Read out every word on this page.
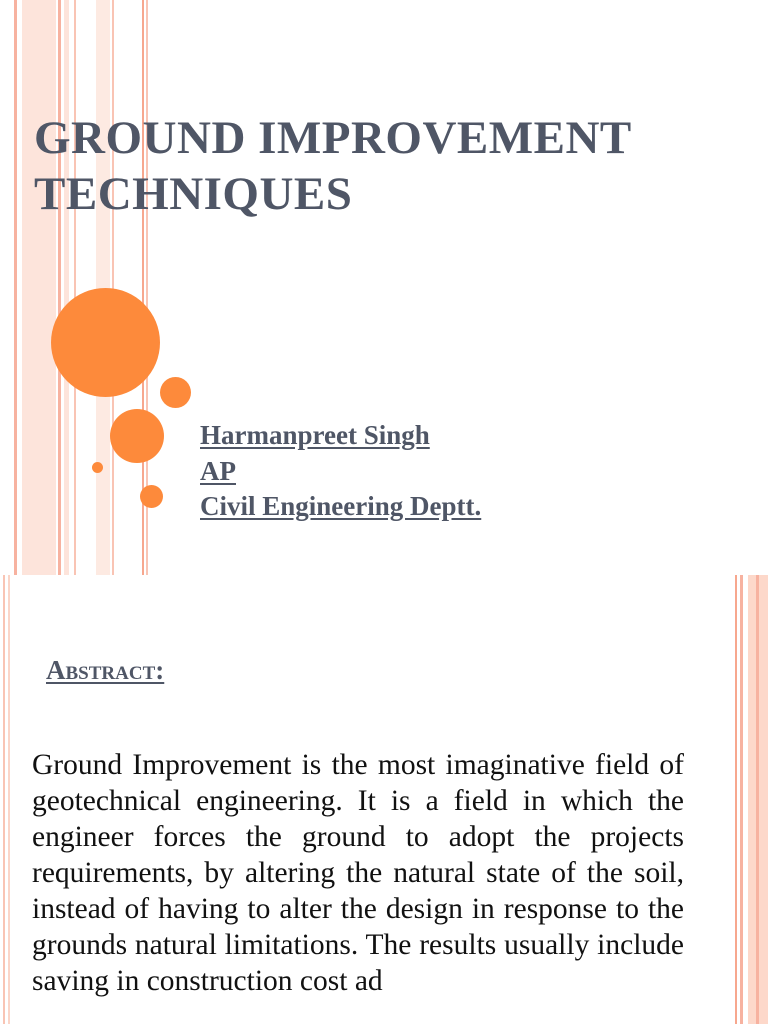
GROUND IMPROVEMENT TECHNIQUES
Harmanpreet Singh
AP
Civil Engineering Deptt.

Abstract:

Ground Improvement is the most imaginative field of geotechnical engineering. It is a field in which the engineer forces the ground to adopt the projects requirements, by altering the natural state of the soil, instead of having to alter the design in response to the grounds natural limitations. The results usually include saving in construction cost ad
